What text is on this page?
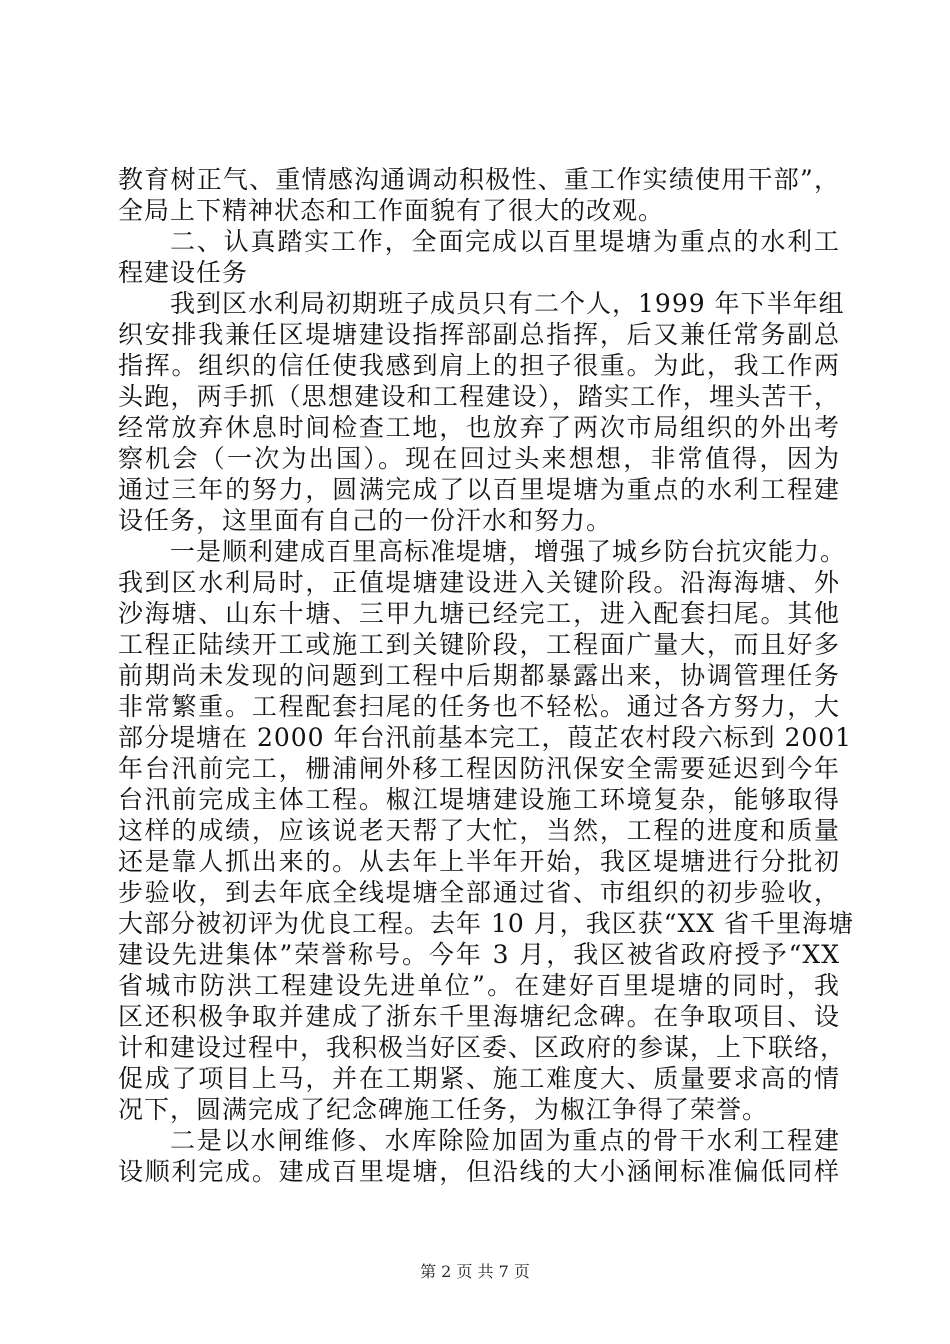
教育树正气、重情感沟通调动积极性、重工作实绩使用干部”，
全局上下精神状态和工作面貌有了很大的改观。
二、认真踏实工作，全面完成以百里堤塘为重点的水利工
程建设任务
我到区水利局初期班子成员只有二个人，1999 年下半年组
织安排我兼任区堤塘建设指挥部副总指挥，后又兼任常务副总
指挥。组织的信任使我感到肩上的担子很重。为此，我工作两
头跑，两手抓（思想建设和工程建设），踏实工作，埋头苦干，
经常放弃休息时间检查工地，也放弃了两次市局组织的外出考
察机会（一次为出国）。现在回过头来想想，非常值得，因为
通过三年的努力，圆满完成了以百里堤塘为重点的水利工程建
设任务，这里面有自己的一份汗水和努力。
一是顺利建成百里高标准堤塘，增强了城乡防台抗灾能力。
我到区水利局时，正值堤塘建设进入关键阶段。沿海海塘、外
沙海塘、山东十塘、三甲九塘已经完工，进入配套扫尾。其他
工程正陆续开工或施工到关键阶段，工程面广量大，而且好多
前期尚未发现的问题到工程中后期都暴露出来，协调管理任务
非常繁重。工程配套扫尾的任务也不轻松。通过各方努力，大
部分堤塘在 2000 年台汛前基本完工，葭芷农村段六标到 2001
年台汛前完工，栅浦闸外移工程因防汛保安全需要延迟到今年
台汛前完成主体工程。椒江堤塘建设施工环境复杂，能够取得
这样的成绩，应该说老天帮了大忙，当然，工程的进度和质量
还是靠人抓出来的。从去年上半年开始，我区堤塘进行分批初
步验收，到去年底全线堤塘全部通过省、市组织的初步验收，
大部分被初评为优良工程。去年 10 月，我区获“XX 省千里海塘
建设先进集体”荣誉称号。今年 3 月，我区被省政府授予“XX
省城市防洪工程建设先进单位”。在建好百里堤塘的同时，我
区还积极争取并建成了浙东千里海塘纪念碑。在争取项目、设
计和建设过程中，我积极当好区委、区政府的参谋，上下联络，
促成了项目上马，并在工期紧、施工难度大、质量要求高的情
况下，圆满完成了纪念碑施工任务，为椒江争得了荣誉。
二是以水闸维修、水库除险加固为重点的骨干水利工程建
设顺利完成。建成百里堤塘，但沿线的大小涵闸标准偏低同样
第 2 页 共 7 页
